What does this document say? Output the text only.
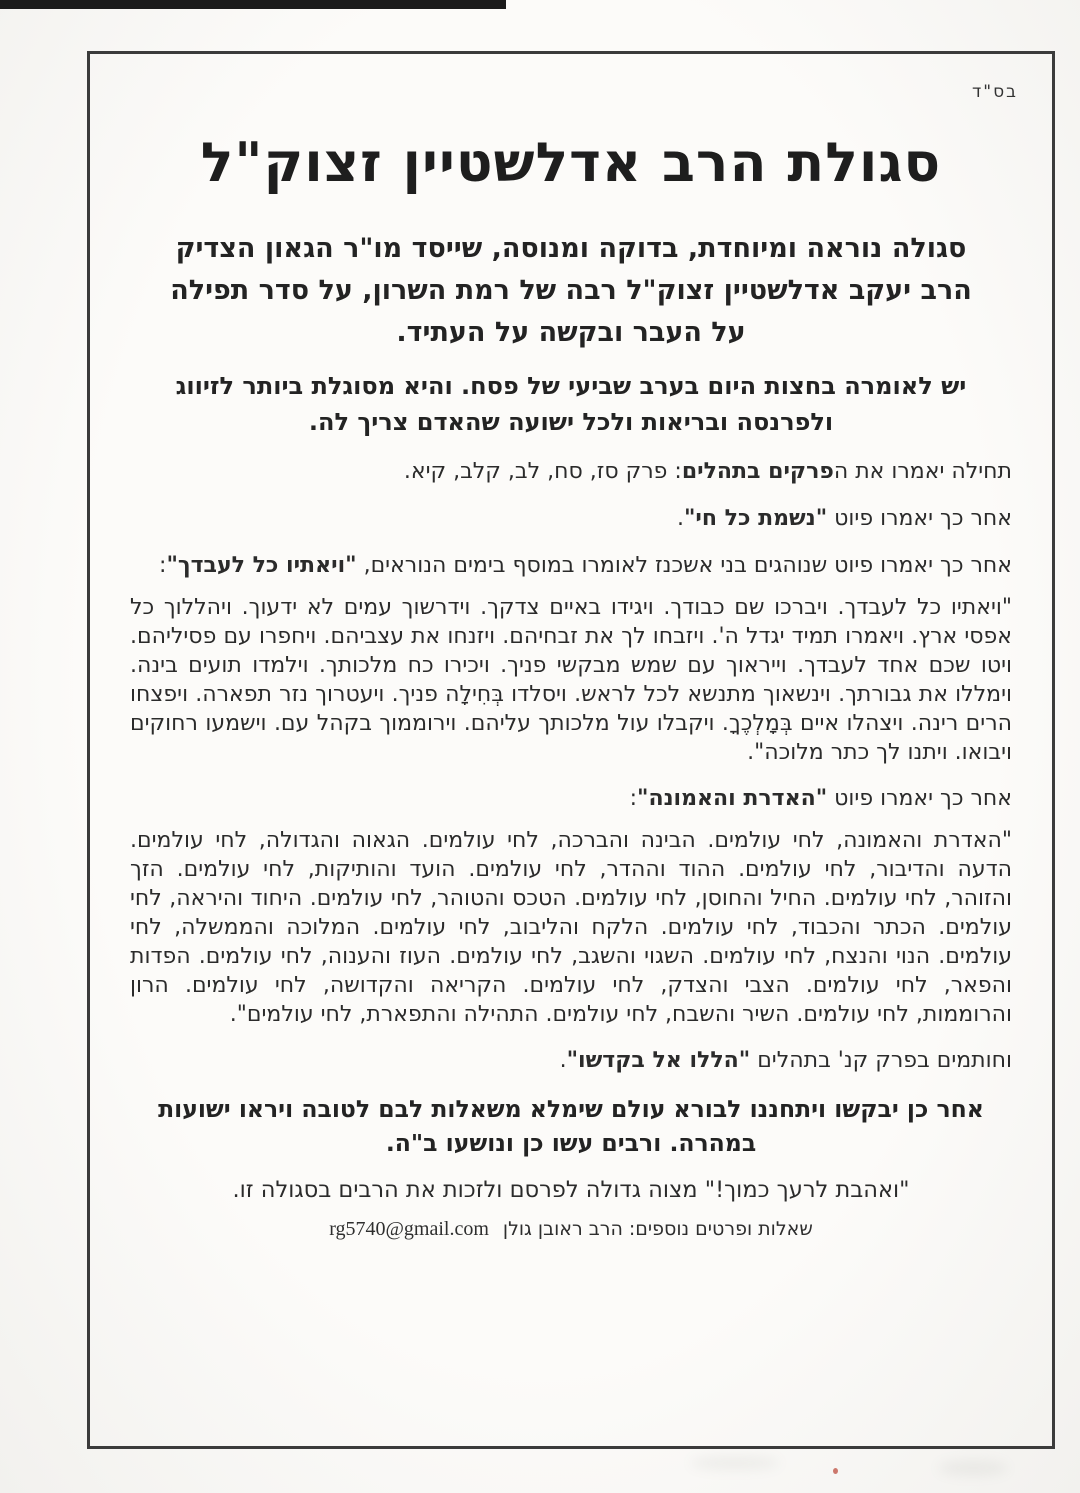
בס"ד
סגולת הרב אדלשטיין זצוק"ל

סגולה נוראה ומיוחדת, בדוקה ומנוסה, שייסד מו"ר הגאון הצדיק הרב יעקב אדלשטיין זצוק"ל רבה של רמת השרון, על סדר תפילה על העבר ובקשה על העתיד.

יש לאומרה בחצות היום בערב שביעי של פסח. והיא מסוגלת ביותר לזיווג ולפרנסה ובריאות ולכל ישועה שהאדם צריך לה.

תחילה יאמרו את הפרקים בתהלים: פרק סז, סח, לב, קלב, קיא.

אחר כך יאמרו פיוט "נשמת כל חי".

אחר כך יאמרו פיוט שנוהגים בני אשכנז לאומרו במוסף בימים הנוראים, "ויאתיו כל לעבדך":

"ויאתיו כל לעבדך. ויברכו שם כבודך. ויגידו באיים צדקך. וידרשוך עמים לא ידעוך. ויהללוך כל אפסי ארץ. ויאמרו תמיד יגדל ה'. ויזבחו לך את זבחיהם. ויזנחו את עצביהם. ויחפרו עם פסיליהם. ויטו שכם אחד לעבדך. וייראוך עם שמש מבקשי פניך. ויכירו כח מלכותך. וילמדו תועים בינה. וימללו את גבורתך. וינשאוך מתנשא לכל לראש. ויסלדו בְּחִילָה פניך. ויעטרוך נזר תפארה. ויפצחו הרים רינה. ויצהלו איים בְּמָלְכֶךָ. ויקבלו עול מלכותך עליהם. וירוממוך בקהל עם. וישמעו רחוקים ויבואו. ויתנו לך כתר מלוכה".

אחר כך יאמרו פיוט "האדרת והאמונה":

"האדרת והאמונה, לחי עולמים. הבינה והברכה, לחי עולמים. הגאוה והגדולה, לחי עולמים. הדעה והדיבור, לחי עולמים. ההוד וההדר, לחי עולמים. הועד והותיקות, לחי עולמים. הזך והזוהר, לחי עולמים. החיל והחוסן, לחי עולמים. הטכס והטוהר, לחי עולמים. היחוד והיראה, לחי עולמים. הכתר והכבוד, לחי עולמים. הלקח והליבוב, לחי עולמים. המלוכה והממשלה, לחי עולמים. הנוי והנצח, לחי עולמים. השגוי והשגב, לחי עולמים. העוז והענוה, לחי עולמים. הפדות והפאר, לחי עולמים. הצבי והצדק, לחי עולמים. הקריאה והקדושה, לחי עולמים. הרון והרוממות, לחי עולמים. השיר והשבח, לחי עולמים. התהילה והתפארת, לחי עולמים".

וחותמים בפרק קנ' בתהלים "הללו אל בקדשו".

אחר כן יבקשו ויתחננו לבורא עולם שימלא משאלות לבם לטובה ויראו ישועות במהרה. ורבים עשו כן ונושעו ב"ה.

"ואהבת לרעך כמוך!" מצוה גדולה לפרסם ולזכות את הרבים בסגולה זו.

שאלות ופרטים נוספים: הרב ראובן גולןrg5740@gmail.com
